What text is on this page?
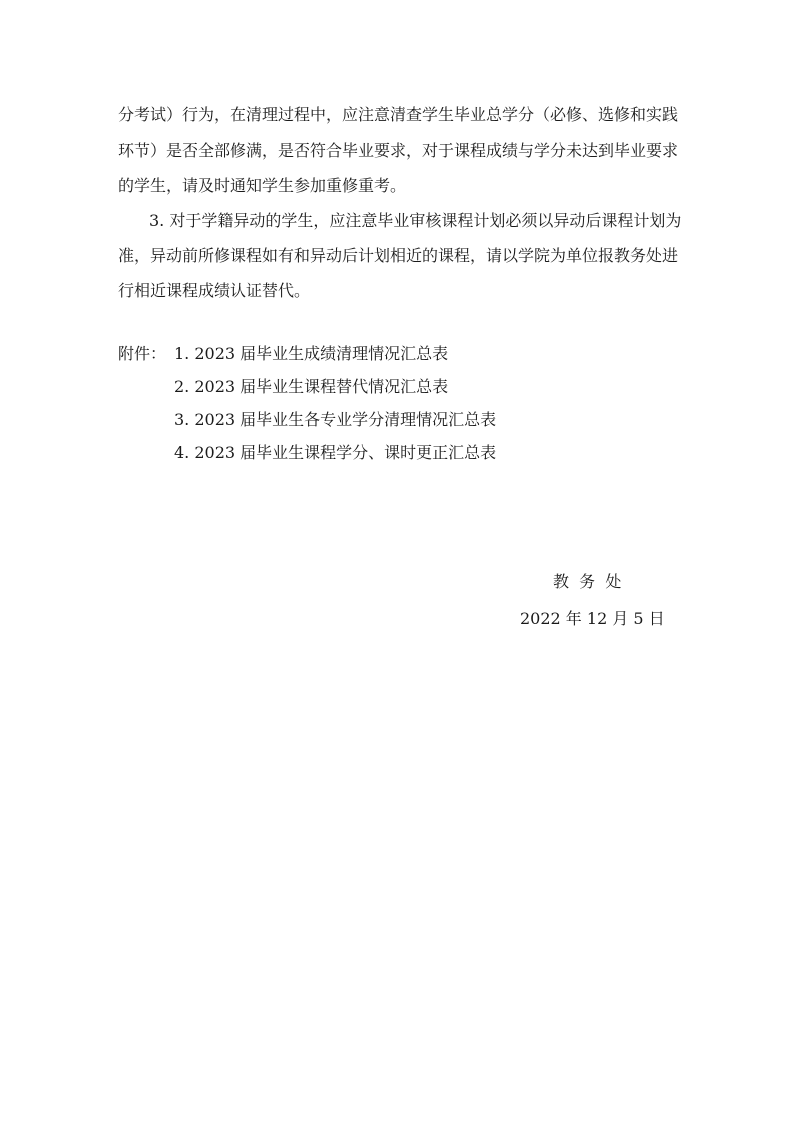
分考试）行为，在清理过程中，应注意清查学生毕业总学分（必修、选修和实践
环节）是否全部修满，是否符合毕业要求，对于课程成绩与学分未达到毕业要求
的学生，请及时通知学生参加重修重考。
3. 对于学籍异动的学生，应注意毕业审核课程计划必须以异动后课程计划为
准，异动前所修课程如有和异动后计划相近的课程，请以学院为单位报教务处进
行相近课程成绩认证替代。
附件： 1. 2023 届毕业生成绩清理情况汇总表
2. 2023 届毕业生课程替代情况汇总表
3. 2023 届毕业生各专业学分清理情况汇总表
4. 2023 届毕业生课程学分、课时更正汇总表
教  务  处
2022 年 12 月 5 日
